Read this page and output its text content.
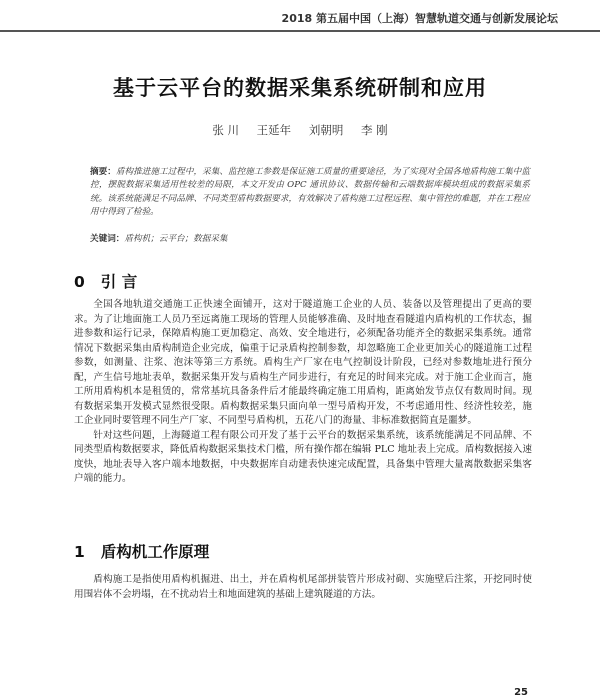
2018 第五届中国（上海）智慧轨道交通与创新发展论坛
基于云平台的数据采集系统研制和应用
张 川 王延年 刘朝明 李 刚
摘要：盾构推进施工过程中，采集、监控施工参数是保证施工质量的重要途径，为了实现对全国各地盾构施工集中监控，摆脱数据采集适用性较差的局限，本文开发由 OPC 通讯协议、数据传输和云端数据库模块组成的数据采集系统。该系统能满足不同品牌、不同类型盾构数据要求，有效解决了盾构施工过程远程、集中管控的难题，并在工程应用中得到了检验。
关键词：盾构机；云平台；数据采集
0 引 言

全国各地轨道交通施工正快速全面铺开，这对于隧道施工企业的人员、装备以及管理提出了更高的要求。为了让地面施工人员乃至远离施工现场的管理人员能够准确、及时地查看隧道内盾构机的工作状态，掘进参数和运行记录，保障盾构施工更加稳定、高效、安全地进行，必须配备功能齐全的数据采集系统。通常情况下数据采集由盾构制造企业完成，偏重于记录盾构控制参数，却忽略施工企业更加关心的隧道施工过程参数，如测量、注浆、泡沫等第三方系统。盾构生产厂家在电气控制设计阶段，已经对参数地址进行预分配，产生信号地址表单，数据采集开发与盾构生产同步进行，有充足的时间来完成。对于施工企业而言，施工所用盾构机本是租赁的，常常基坑具备条件后才能最终确定施工用盾构，距离始发节点仅有数周时间。现有数据采集开发模式显然很受限。盾构数据采集只面向单一型号盾构开发，不考虑通用性、经济性较差，施工企业同时要管理不同生产厂家、不同型号盾构机，五花八门的海量、非标准数据简直是噩梦。

针对这些问题，上海隧道工程有限公司开发了基于云平台的数据采集系统，该系统能满足不同品牌、不同类型盾构数据要求，降低盾构数据采集技术门槛，所有操作都在编辑 PLC 地址表上完成。盾构数据接入速度快，地址表导入客户端本地数据，中央数据库自动建表快速完成配置，具备集中管理大量离散数据采集客户端的能力。

1 盾构机工作原理

盾构施工是指使用盾构机掘进、出土，并在盾构机尾部拼装管片形成衬砌、实施壁后注浆，开挖同时使用围岩体不会坍塌，在不扰动岩土和地面建筑的基础上建筑隧道的方法。

25
